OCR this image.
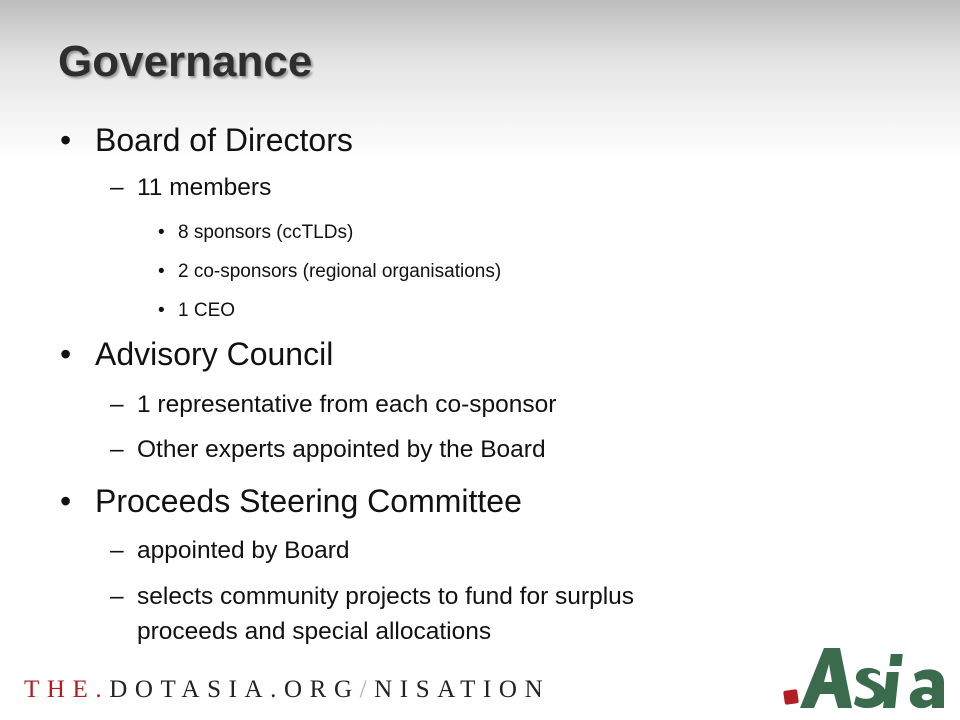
Governance
• Board of Directors
– 11 members
• 8 sponsors (ccTLDs)
• 2 co-sponsors (regional organisations)
• 1 CEO
• Advisory Council
– 1 representative from each co-sponsor
– Other experts appointed by the Board
• Proceeds Steering Committee
– appointed by Board
– selects community projects to fund for surplus
proceeds and special allocations
THE.DOTASIA.ORG/NISATION
